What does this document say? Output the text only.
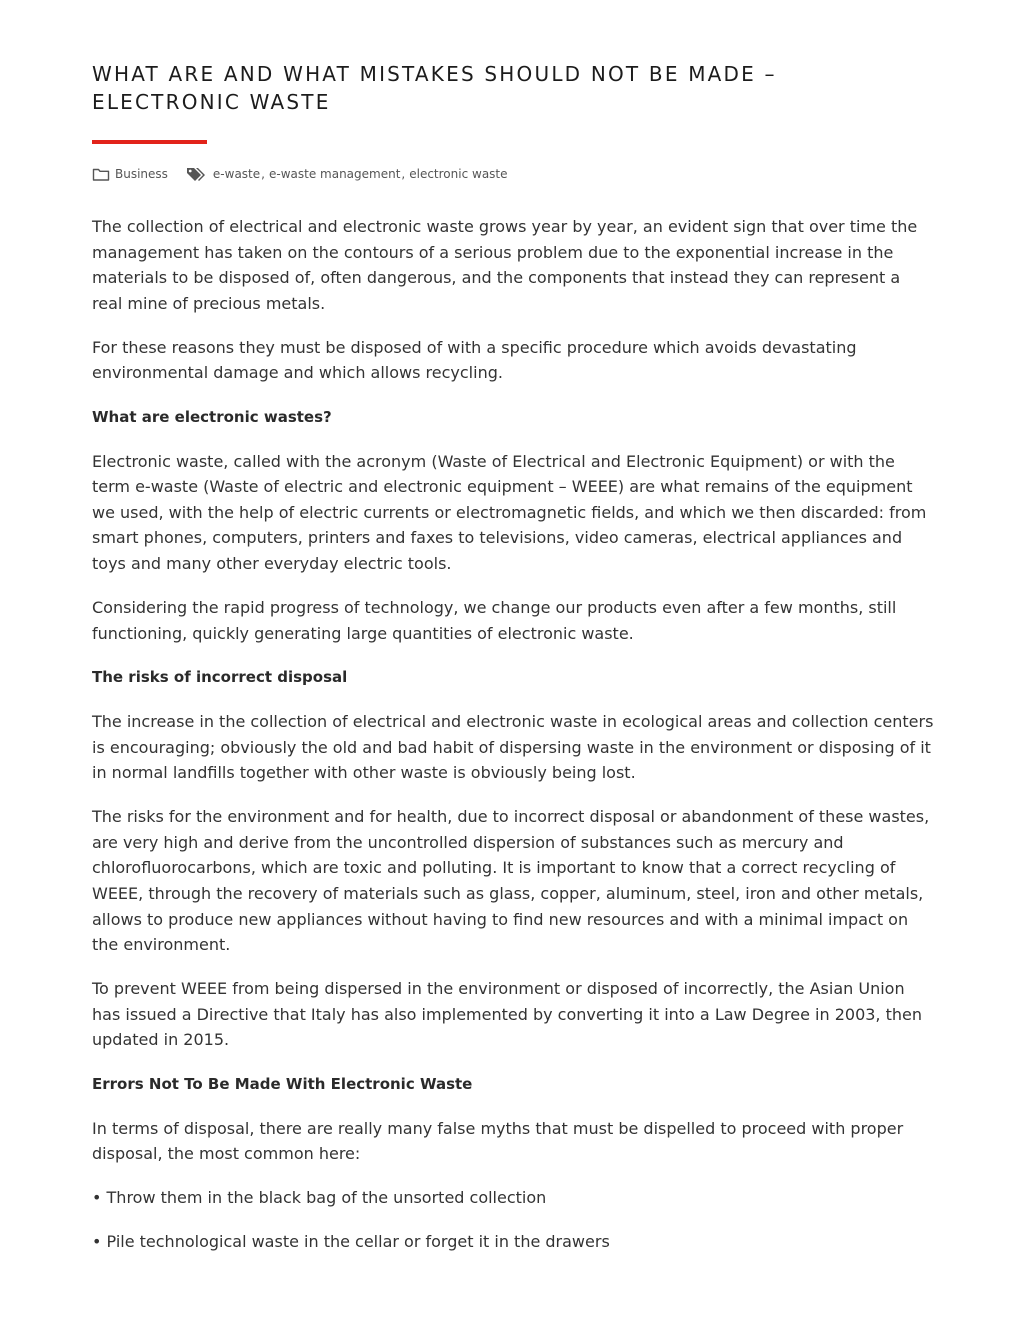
WHAT ARE AND WHAT MISTAKES SHOULD NOT BE MADE – ELECTRONIC WASTE
Business	e-waste , e-waste management , electronic waste

The collection of electrical and electronic waste grows year by year, an evident sign that over time the management has taken on the contours of a serious problem due to the exponential increase in the materials to be disposed of, often dangerous, and the components that instead they can represent a real mine of precious metals.

For these reasons they must be disposed of with a specific procedure which avoids devastating environmental damage and which allows recycling.

What are electronic wastes?

Electronic waste, called with the acronym (Waste of Electrical and Electronic Equipment) or with the term e-waste (Waste of electric and electronic equipment – WEEE) are what remains of the equipment we used, with the help of electric currents or electromagnetic fields, and which we then discarded: from smart phones, computers, printers and faxes to televisions, video cameras, electrical appliances and toys and many other everyday electric tools.

Considering the rapid progress of technology, we change our products even after a few months, still functioning, quickly generating large quantities of electronic waste.

The risks of incorrect disposal

The increase in the collection of electrical and electronic waste in ecological areas and collection centers is encouraging; obviously the old and bad habit of dispersing waste in the environment or disposing of it in normal landfills together with other waste is obviously being lost.

The risks for the environment and for health, due to incorrect disposal or abandonment of these wastes, are very high and derive from the uncontrolled dispersion of substances such as mercury and chlorofluorocarbons, which are toxic and polluting. It is important to know that a correct recycling of WEEE, through the recovery of materials such as glass, copper, aluminum, steel, iron and other metals, allows to produce new appliances without having to find new resources and with a minimal impact on the environment.

To prevent WEEE from being dispersed in the environment or disposed of incorrectly, the Asian Union has issued a Directive that Italy has also implemented by converting it into a Law Degree in 2003, then updated in 2015.

Errors Not To Be Made With Electronic Waste

In terms of disposal, there are really many false myths that must be dispelled to proceed with proper disposal, the most common here:

• Throw them in the black bag of the unsorted collection

• Pile technological waste in the cellar or forget it in the drawers
